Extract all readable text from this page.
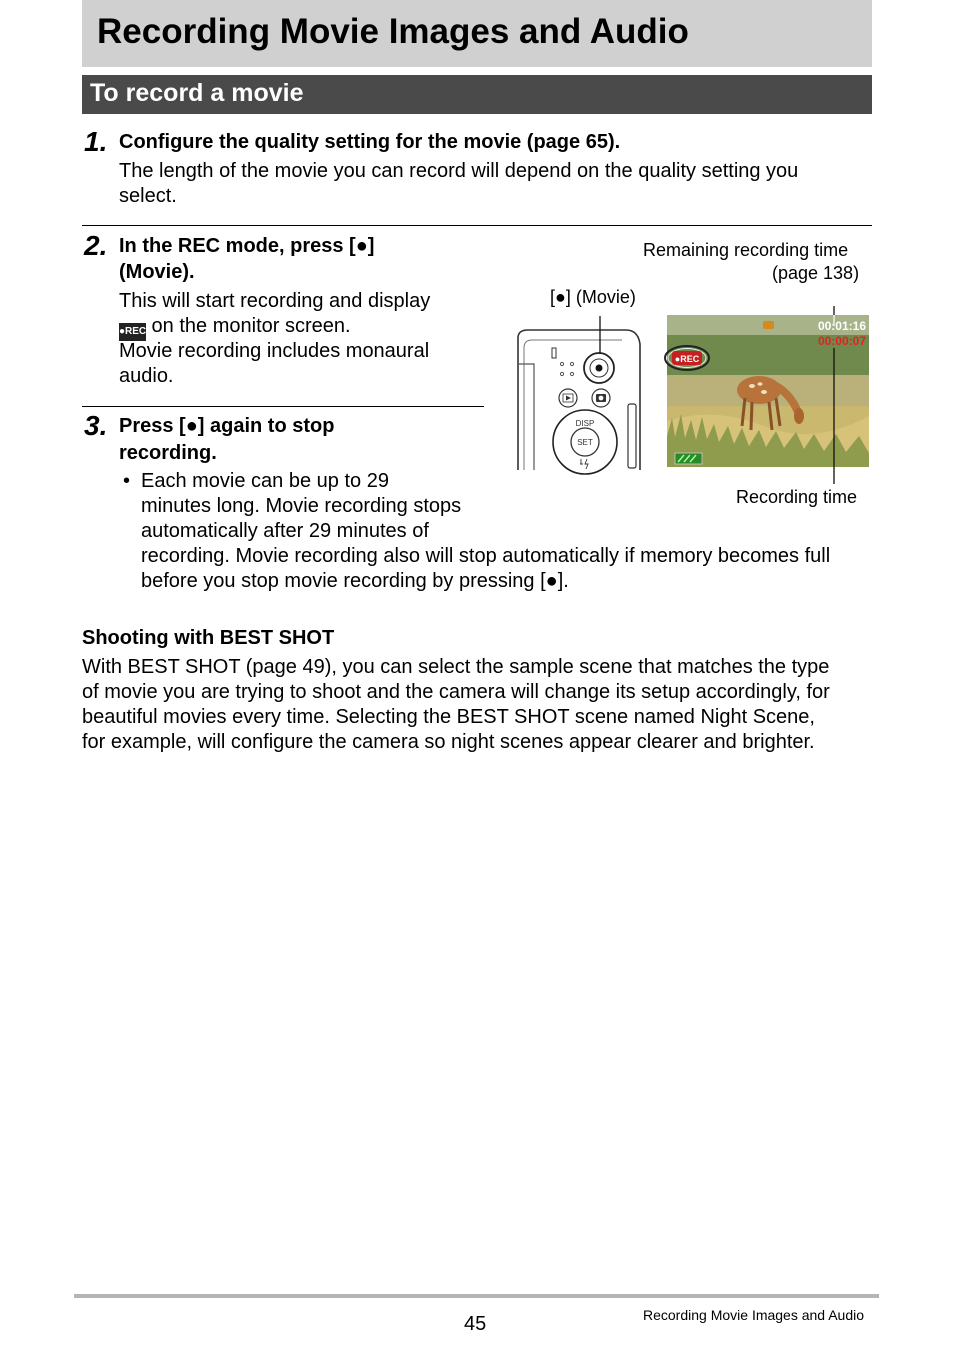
Recording Movie Images and Audio
To record a movie
1. Configure the quality setting for the movie (page 65).
The length of the movie you can record will depend on the quality setting you
select.
2. In the REC mode, press [●]
(Movie).
This will start recording and display
●REC on the monitor screen.
Movie recording includes monaural
audio.
3. Press [●] again to stop
recording.
• Each movie can be up to 29
minutes long. Movie recording stops
automatically after 29 minutes of
recording. Movie recording also will stop automatically if memory becomes full
before you stop movie recording by pressing [●].
Remaining recording time
(page 138)
[●] (Movie)
Recording time
DISP
SET
00:01:16
00:00:07
●REC
Shooting with BEST SHOT
With BEST SHOT (page 49), you can select the sample scene that matches the type
of movie you are trying to shoot and the camera will change its setup accordingly, for
beautiful movies every time. Selecting the BEST SHOT scene named Night Scene,
for example, will configure the camera so night scenes appear clearer and brighter.
45	Recording Movie Images and Audio
